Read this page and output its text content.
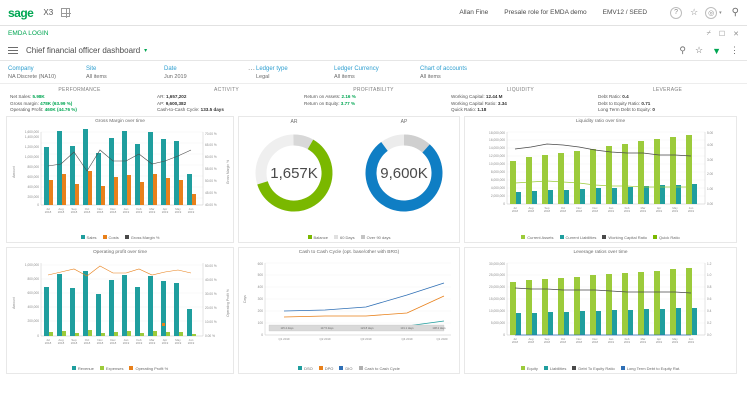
sage X3	Allan Fine Presale role for EMDA demo EMV12 / SEED	?	☆	◎ ▾ ⚲
EMDA LOGIN	⌿ ☐ ✕
Chief financial officer dashboard ▾	⚲ ☆ ▼ ⋮
Company
NA Discrete (NA10)
Site
All items
Date
Jun 2019
⋯ Ledger type
Legal
Ledger Currency
All items
Chart of accounts
All items
PERFORMANCE
Net Sales: 5.98K
Gross margin: 478K (63.99 %)
Operating Profit: 460K (44.76 %)
ACTIVITY
AR: 1,657,202
AP: 9,600,382
Cash-to-Cash Cycle: 133.5 days
PROFITABILITY
Return on Assets: 2.16 %
Return on Equity: 3.77 %
LIQUIDITY
Working Capital: 12.44 M
Working Capital Ratio: 3.34
Quick Ratio: 1.18
LEVERAGE
Debt Ratio: 0.4
Debt to Equity Ratio: 0.71
Long Term Debt to Equity: 0
Gross Margin over time
0
200,000
400,000
600,000
800,000
1,000,000
1,200,000
1,400,000
1,600,000
Amount
40.00 %
45.00 %
50.00 %
55.00 %
60.00 %
65.00 %
70.00 %
Gross Margin %
Jul
2018
Aug
2018
Sep
2018
Oct
2018
Nov
2018
Dec
2018
Jan
2019
Feb
2019
Mar
2019
Apr
2019
May
2019
Jun
2019
Sales	Costs	Gross Margin %
Operating profit over time
0
200,000
400,000
600,000
800,000
1,000,000
Amount
0.00 %
10.00 %
20.00 %
30.00 %
40.00 %
50.00 %
Operating Profit %
Jul
2018
Aug
2018
Sep
2018
Oct
2018
Nov
2018
Dec
2018
Jan
2019
Feb
2019
Mar
2019
Apr
2019
May
2019
Jun
2019
Revenue	Expenses	Operating Profit %
AR
1,657K
AP
9,600K
Balance	60 Days	Over 90 days
Cash to Cash Cycle (opt. base/other with BRG)
0
100
200
300
400
500
600
Days
115.4 days	117.5 days	123.8 days	131.1 days	138.2 days
Q1 2019	Q2 2019	Q3 2019	Q4 2019	Q1 2020
DSO	DPO	DIO	Cash to Cash Cycle
Liquidity ratio over time
0
2,000,000
4,000,000
6,000,000
8,000,000
10,000,000
12,000,000
14,000,000
16,000,000
18,000,000
0.00
1.00
2.00
3.00
4.00
5.00
Jul
2018
Aug
2018
Sep
2018
Oct
2018
Nov
2018
Dec
2018
Jan
2019
Feb
2019
Mar
2019
Apr
2019
May
2019
Jun
2019
Current Assets	Current Liabilities	Working Capital Ratio	Quick Ratio
Leverage ratios over time
0
5,000,000
10,000,000
15,000,000
20,000,000
25,000,000
30,000,000
0.0
0.2
0.4
0.6
0.8
1.0
1.2
Jul
2018
Aug
2018
Sep
2018
Oct
2018
Nov
2018
Dec
2018
Jan
2019
Feb
2019
Mar
2019
Apr
2019
May
2019
Jun
2019
Equity	Liabilities	Debt To Equity Ratio	Long Term Debt to Equity Rat.
